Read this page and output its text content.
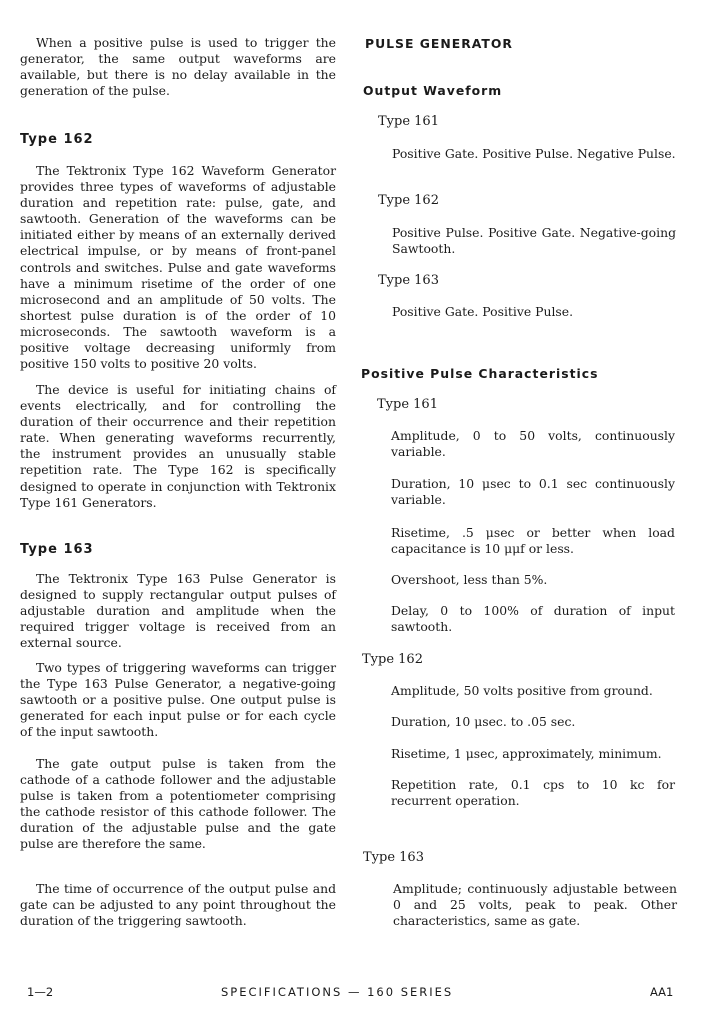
When a positive pulse is used to trigger the generator, the same output waveforms are available, but there is no delay available in the generation of the pulse.

Type 162

The Tektronix Type 162 Waveform Generator provides three types of waveforms of adjustable duration and repetition rate: pulse, gate, and sawtooth. Generation of the waveforms can be initiated either by means of an externally derived electrical impulse, or by means of front-panel controls and switches. Pulse and gate waveforms have a minimum risetime of the order of one microsecond and an amplitude of 50 volts. The shortest pulse duration is of the order of 10 microseconds. The sawtooth waveform is a positive voltage decreasing uniformly from positive 150 volts to positive 20 volts.

The device is useful for initiating chains of events electrically, and for controlling the duration of their occurrence and their repetition rate. When generating waveforms recurrently, the instrument provides an unusually stable repetition rate. The Type 162 is specifically designed to operate in conjunction with Tektronix Type 161 Generators.

Type 163

The Tektronix Type 163 Pulse Generator is designed to supply rectangular output pulses of adjustable duration and amplitude when the required trigger voltage is received from an external source.

Two types of triggering waveforms can trigger the Type 163 Pulse Generator, a negative-going sawtooth or a positive pulse. One output pulse is generated for each input pulse or for each cycle of the input sawtooth.

The gate output pulse is taken from the cathode of a cathode follower and the adjustable pulse is taken from a potentiometer comprising the cathode resistor of this cathode follower. The duration of the adjustable pulse and the gate pulse are therefore the same.

The time of occurrence of the output pulse and gate can be adjusted to any point throughout the duration of the triggering sawtooth.

PULSE GENERATOR
Output Waveform
Type 161

Positive Gate. Positive Pulse. Negative Pulse.

Type 162

Positive Pulse. Positive Gate. Negative-going Sawtooth.

Type 163

Positive Gate. Positive Pulse.

Positive Pulse Characteristics
Type 161

Amplitude, 0 to 50 volts, continuously variable.

Duration, 10 μsec to 0.1 sec continuously variable.

Risetime, .5 μsec or better when load capacitance is 10 μμf or less.

Overshoot, less than 5%.

Delay, 0 to 100% of duration of input sawtooth.

Type 162

Amplitude, 50 volts positive from ground.

Duration, 10 μsec. to .05 sec.

Risetime, 1 μsec, approximately, minimum.

Repetition rate, 0.1 cps to 10 kc for recurrent operation.

Type 163

Amplitude; continuously adjustable between 0 and 25 volts, peak to peak. Other characteristics, same as gate.

1—2	SPECIFICATIONS — 160 SERIES	AA1
